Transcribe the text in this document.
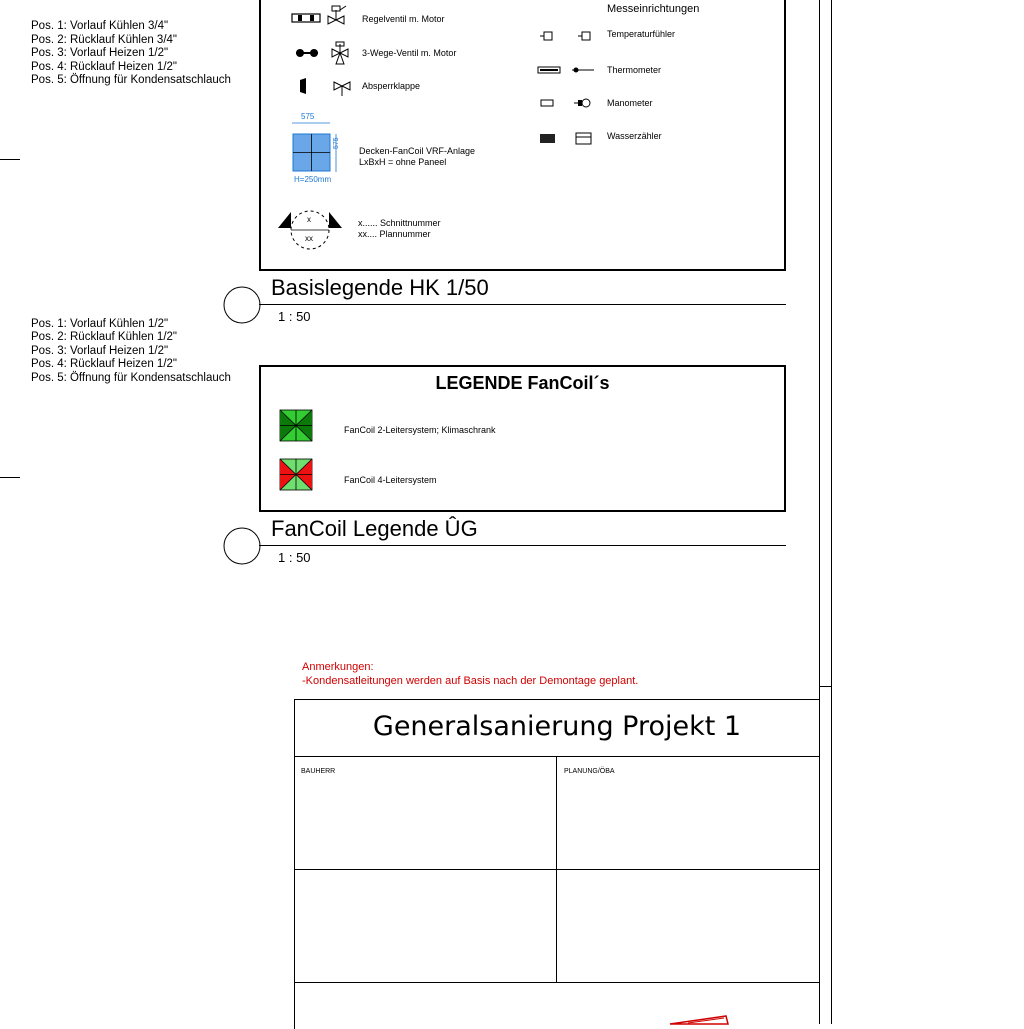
Pos. 1: Vorlauf Kühlen 3/4"
Pos. 2: Rücklauf Kühlen 3/4"
Pos. 3: Vorlauf Heizen 1/2"
Pos. 4: Rücklauf Heizen 1/2"
Pos. 5: Öffnung für Kondensatschlauch
Pos. 1: Vorlauf Kühlen 1/2"
Pos. 2: Rücklauf Kühlen 1/2"
Pos. 3: Vorlauf Heizen 1/2"
Pos. 4: Rücklauf Heizen 1/2"
Pos. 5: Öffnung für Kondensatschlauch
Regelventil m. Motor
3-Wege-Ventil m. Motor
Absperrklappe
575
575
H=250mm
Decken-FanCoil VRF-Anlage
LxBxH = ohne Paneel
x
xx
x...... Schnittnummer
xx.... Plannummer
Messeinrichtungen
Temperaturfühler
Thermometer
Manometer
Wasserzähler
Basislegende HK 1/50
1 : 50
LEGENDE FanCoil´s
FanCoil 2-Leitersystem; Klimaschrank
FanCoil 4-Leitersystem
FanCoil Legende ÛG
1 : 50
Anmerkungen:
-Kondensatleitungen werden auf Basis nach der Demontage geplant.
Generalsanierung Projekt 1
BAUHERR	PLANUNG/ÖBA
